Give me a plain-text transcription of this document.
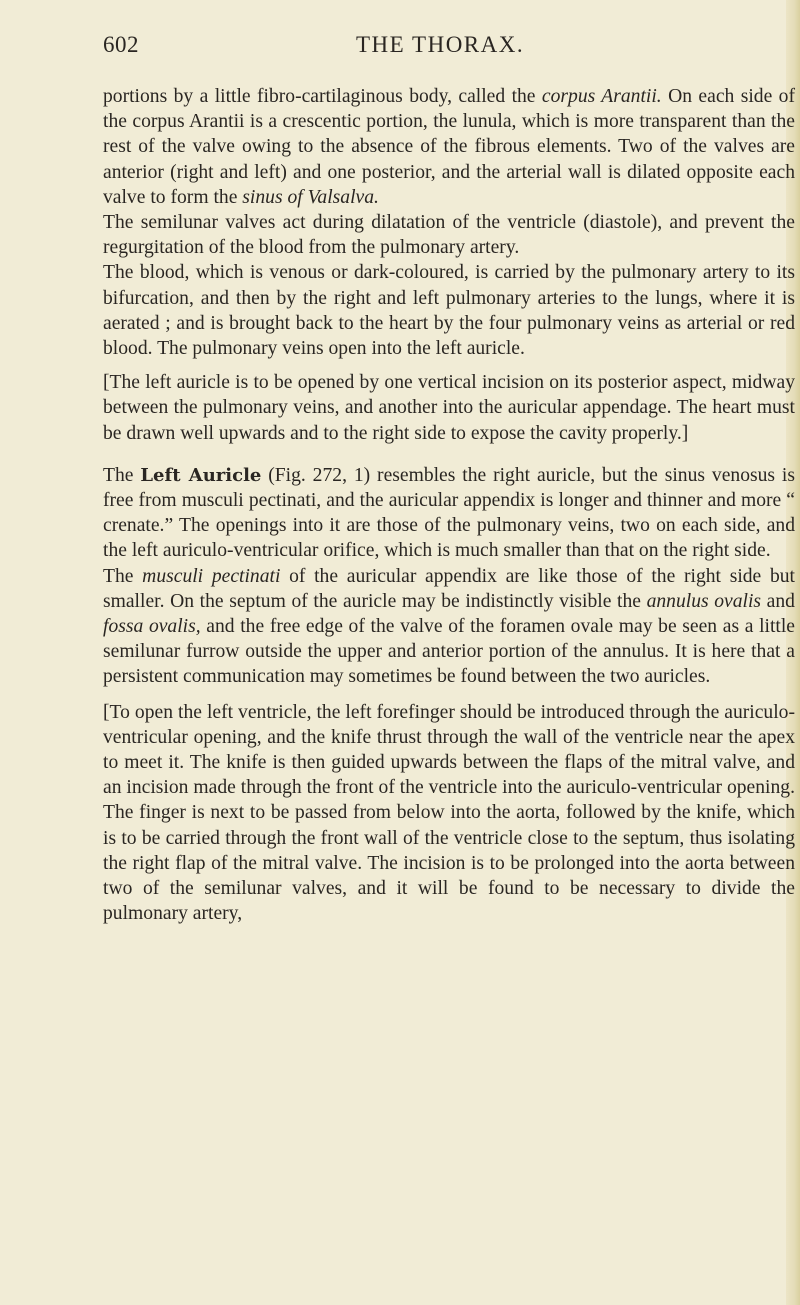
602	THE THORAX.

portions by a little fibro-cartilaginous body, called the corpus Arantii. On each side of the corpus Arantii is a crescentic portion, the lunula, which is more transparent than the rest of the valve owing to the absence of the fibrous elements. Two of the valves are anterior (right and left) and one posterior, and the arterial wall is dilated opposite each valve to form the sinus of Valsalva.

The semilunar valves act during dilatation of the ventricle (diastole), and prevent the regurgitation of the blood from the pulmonary artery.

The blood, which is venous or dark-coloured, is carried by the pulmonary artery to its bifurcation, and then by the right and left pulmonary arteries to the lungs, where it is aerated ; and is brought back to the heart by the four pulmonary veins as arterial or red blood. The pulmonary veins open into the left auricle.

[The left auricle is to be opened by one vertical incision on its posterior aspect, midway between the pulmonary veins, and another into the auricular appendage. The heart must be drawn well upwards and to the right side to expose the cavity properly.]

The Left Auricle (Fig. 272, 1) resembles the right auricle, but the sinus venosus is free from musculi pectinati, and the auricular appendix is longer and thinner and more “ crenate.” The openings into it are those of the pulmonary veins, two on each side, and the left auriculo-ventricular orifice, which is much smaller than that on the right side.

The musculi pectinati of the auricular appendix are like those of the right side but smaller. On the septum of the auricle may be indistinctly visible the annulus ovalis and fossa ovalis, and the free edge of the valve of the foramen ovale may be seen as a little semilunar furrow outside the upper and anterior portion of the annulus. It is here that a persistent communication may sometimes be found between the two auricles.

[To open the left ventricle, the left forefinger should be introduced through the auriculo-ventricular opening, and the knife thrust through the wall of the ventricle near the apex to meet it. The knife is then guided upwards between the flaps of the mitral valve, and an incision made through the front of the ventricle into the auriculo-ventricular opening. The finger is next to be passed from below into the aorta, followed by the knife, which is to be carried through the front wall of the ventricle close to the septum, thus isolating the right flap of the mitral valve. The incision is to be prolonged into the aorta between two of the semilunar valves, and it will be found to be necessary to divide the pulmonary artery,
